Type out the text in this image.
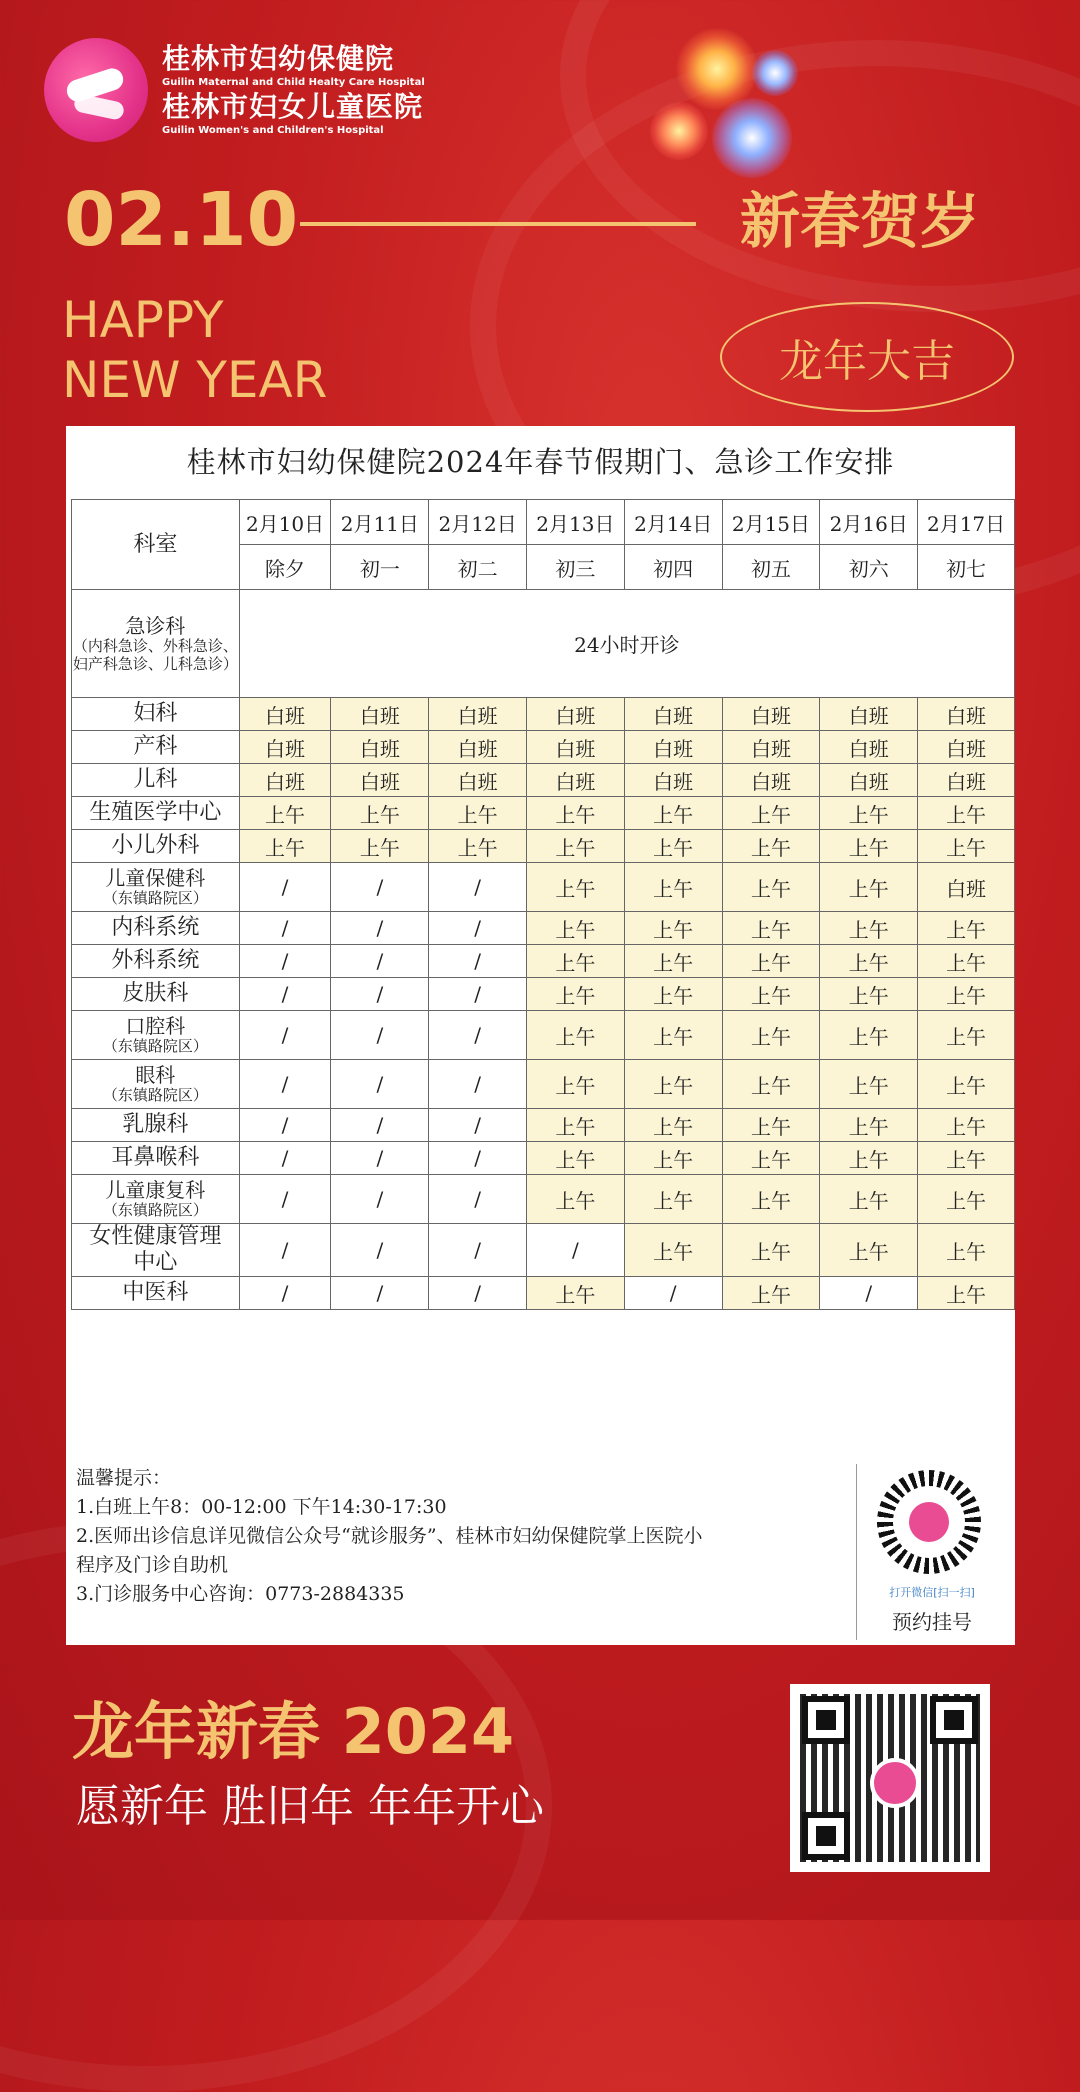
桂林市妇幼保健院
Guilin Maternal and Child Healty Care Hospital
桂林市妇女儿童医院
Guilin Women's and Children's Hospital
02.10	新春贺岁
HAPPY
NEW YEAR	龙年大吉
桂林市妇幼保健院2024年春节假期门、急诊工作安排
科室	2月10日	2月11日	2月12日	2月13日	2月14日	2月15日	2月16日	2月17日
	除夕	初一	初二	初三	初四	初五	初六	初七

急诊科
（内科急诊、外科急诊、妇产科急诊、儿科急诊）	24小时开诊							
妇科	白班	白班	白班	白班	白班	白班	白班	白班
产科	白班	白班	白班	白班	白班	白班	白班	白班
儿科	白班	白班	白班	白班	白班	白班	白班	白班
生殖医学中心	上午	上午	上午	上午	上午	上午	上午	上午
小儿外科	上午	上午	上午	上午	上午	上午	上午	上午

儿童保健科
（东镇路院区）	/	/	/	上午	上午	上午	上午	白班
内科系统	/	/	/	上午	上午	上午	上午	上午
外科系统	/	/	/	上午	上午	上午	上午	上午
皮肤科	/	/	/	上午	上午	上午	上午	上午

口腔科
（东镇路院区）	/	/	/	上午	上午	上午	上午	上午

眼科
（东镇路院区）	/	/	/	上午	上午	上午	上午	上午
乳腺科	/	/	/	上午	上午	上午	上午	上午
耳鼻喉科	/	/	/	上午	上午	上午	上午	上午

儿童康复科
（东镇路院区）	/	/	/	上午	上午	上午	上午	上午
女性健康管理中心	/	/	/	/	上午	上午	上午	上午
中医科	/	/	/	上午	/	上午	/	上午
温馨提示：
1.白班上午8：00-12:00 下午14:30-17:30
2.医师出诊信息详见微信公众号“就诊服务”、桂林市妇幼保健院掌上医院小程序及门诊自助机
3.门诊服务中心咨询：0773-2884335	打开微信[扫一扫]
预约挂号
龙年新春 2024
愿新年 胜旧年 年年开心
